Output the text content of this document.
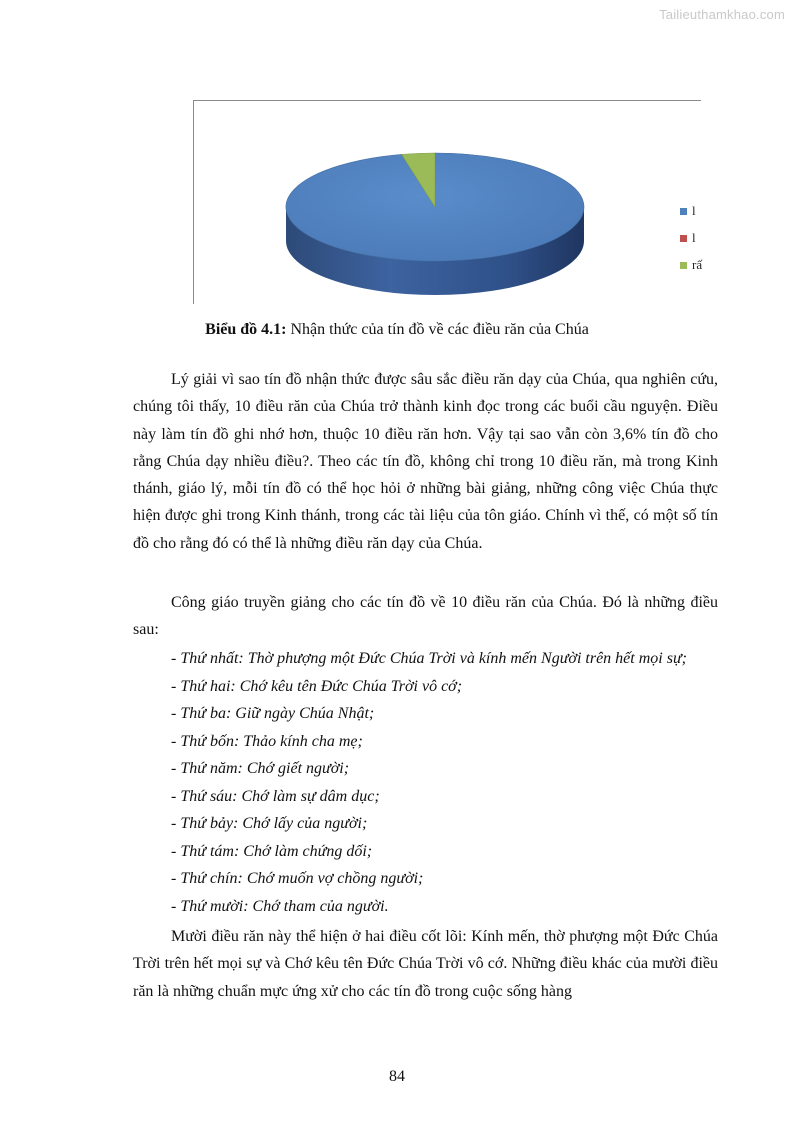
Tailieuthamkhao.com
l
l
rấ
Biểu đồ 4.1: Nhận thức của tín đồ về các điều răn của Chúa

Lý giải vì sao tín đồ nhận thức được sâu sắc điều răn dạy của Chúa, qua nghiên cứu, chúng tôi thấy, 10 điều răn của Chúa trở thành kinh đọc trong các buổi cầu nguyện. Điều này làm tín đồ ghi nhớ hơn, thuộc 10 điều răn hơn. Vậy tại sao vẫn còn 3,6% tín đồ cho rằng Chúa dạy nhiều điều?. Theo các tín đồ, không chỉ trong 10 điều răn, mà trong Kinh thánh, giáo lý, mỗi tín đồ có thể học hỏi ở những bài giảng, những công việc Chúa thực hiện được ghi trong Kinh thánh, trong các tài liệu của tôn giáo. Chính vì thế, có một số tín đồ cho rằng đó có thể là những điều răn dạy của Chúa.

Công giáo truyền giảng cho các tín đồ về 10 điều răn của Chúa. Đó là những điều sau:

- Thứ nhất: Thờ phượng một Đức Chúa Trời và kính mến Người trên hết mọi sự;
- Thứ hai: Chớ kêu tên Đức Chúa Trời vô cớ;
- Thứ ba: Giữ ngày Chúa Nhật;
- Thứ bốn: Thảo kính cha mẹ;
- Thứ năm: Chớ giết người;
- Thứ sáu: Chớ làm sự dâm dục;
- Thứ bảy: Chớ lấy của người;
- Thứ tám: Chớ làm chứng dối;
- Thứ chín: Chớ muốn vợ chồng người;
- Thứ mười: Chớ tham của người.

Mười điều răn này thể hiện ở hai điều cốt lõi: Kính mến, thờ phượng một Đức Chúa Trời trên hết mọi sự và Chớ kêu tên Đức Chúa Trời vô cớ. Những điều khác của mười điều răn là những chuẩn mực ứng xử cho các tín đồ trong cuộc sống hàng

84
